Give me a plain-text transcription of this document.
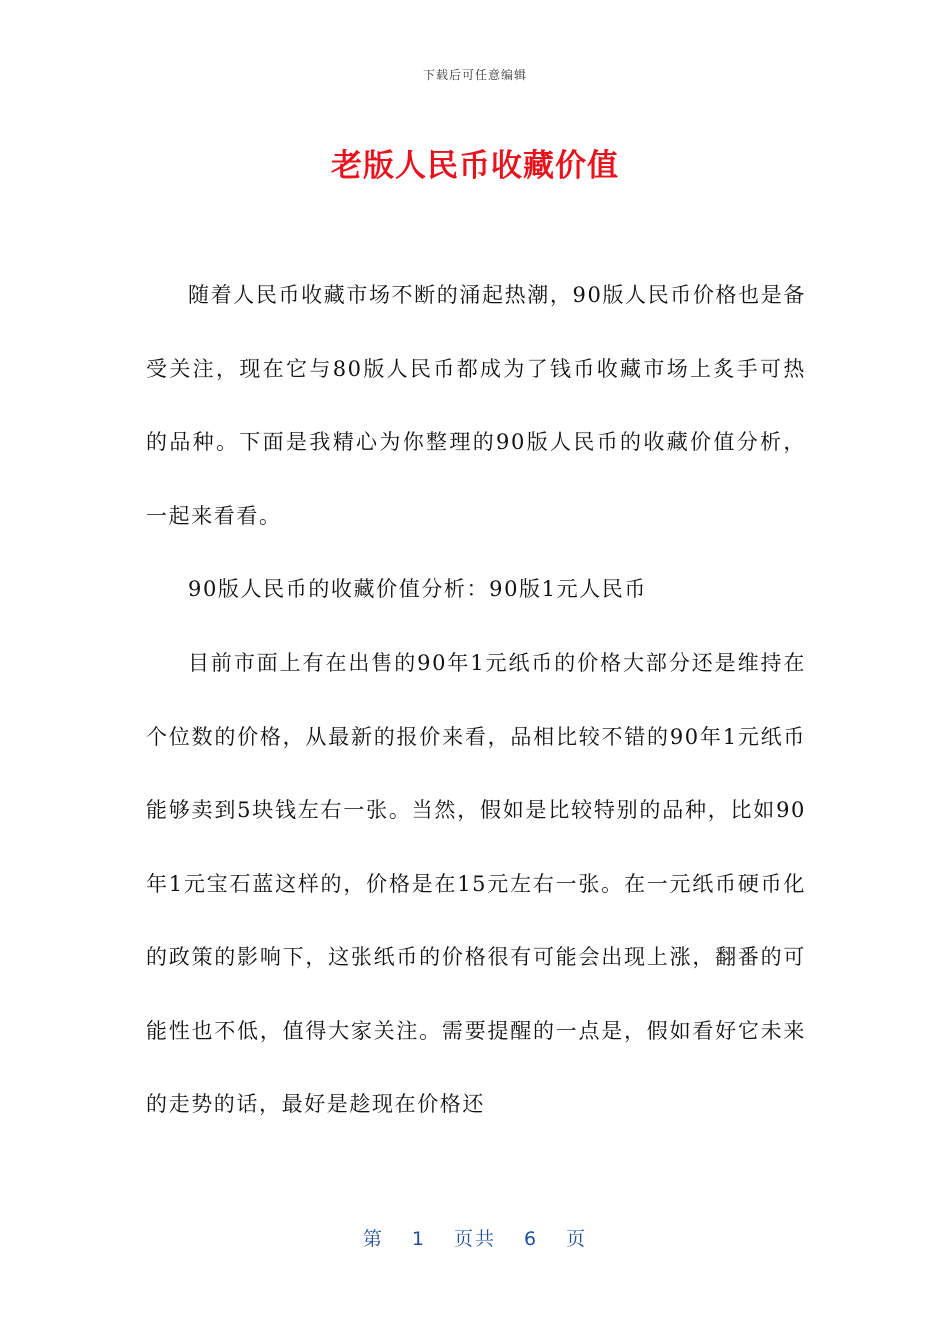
下载后可任意编辑
老版人民币收藏价值

随着人民币收藏市场不断的涌起热潮，90版人民币价格也是备受关注，现在它与80版人民币都成为了钱币收藏市场上炙手可热的品种。下面是我精心为你整理的90版人民币的收藏价值分析，一起来看看。

90版人民币的收藏价值分析：90版1元人民币

目前市面上有在出售的90年1元纸币的价格大部分还是维持在个位数的价格，从最新的报价来看，品相比较不错的90年1元纸币能够卖到5块钱左右一张。当然，假如是比较特别的品种，比如90年1元宝石蓝这样的，价格是在15元左右一张。在一元纸币硬币化的政策的影响下，这张纸币的价格很有可能会出现上涨，翻番的可能性也不低，值得大家关注。需要提醒的一点是，假如看好它未来的走势的话，最好是趁现在价格还

第 1 页共 6 页
